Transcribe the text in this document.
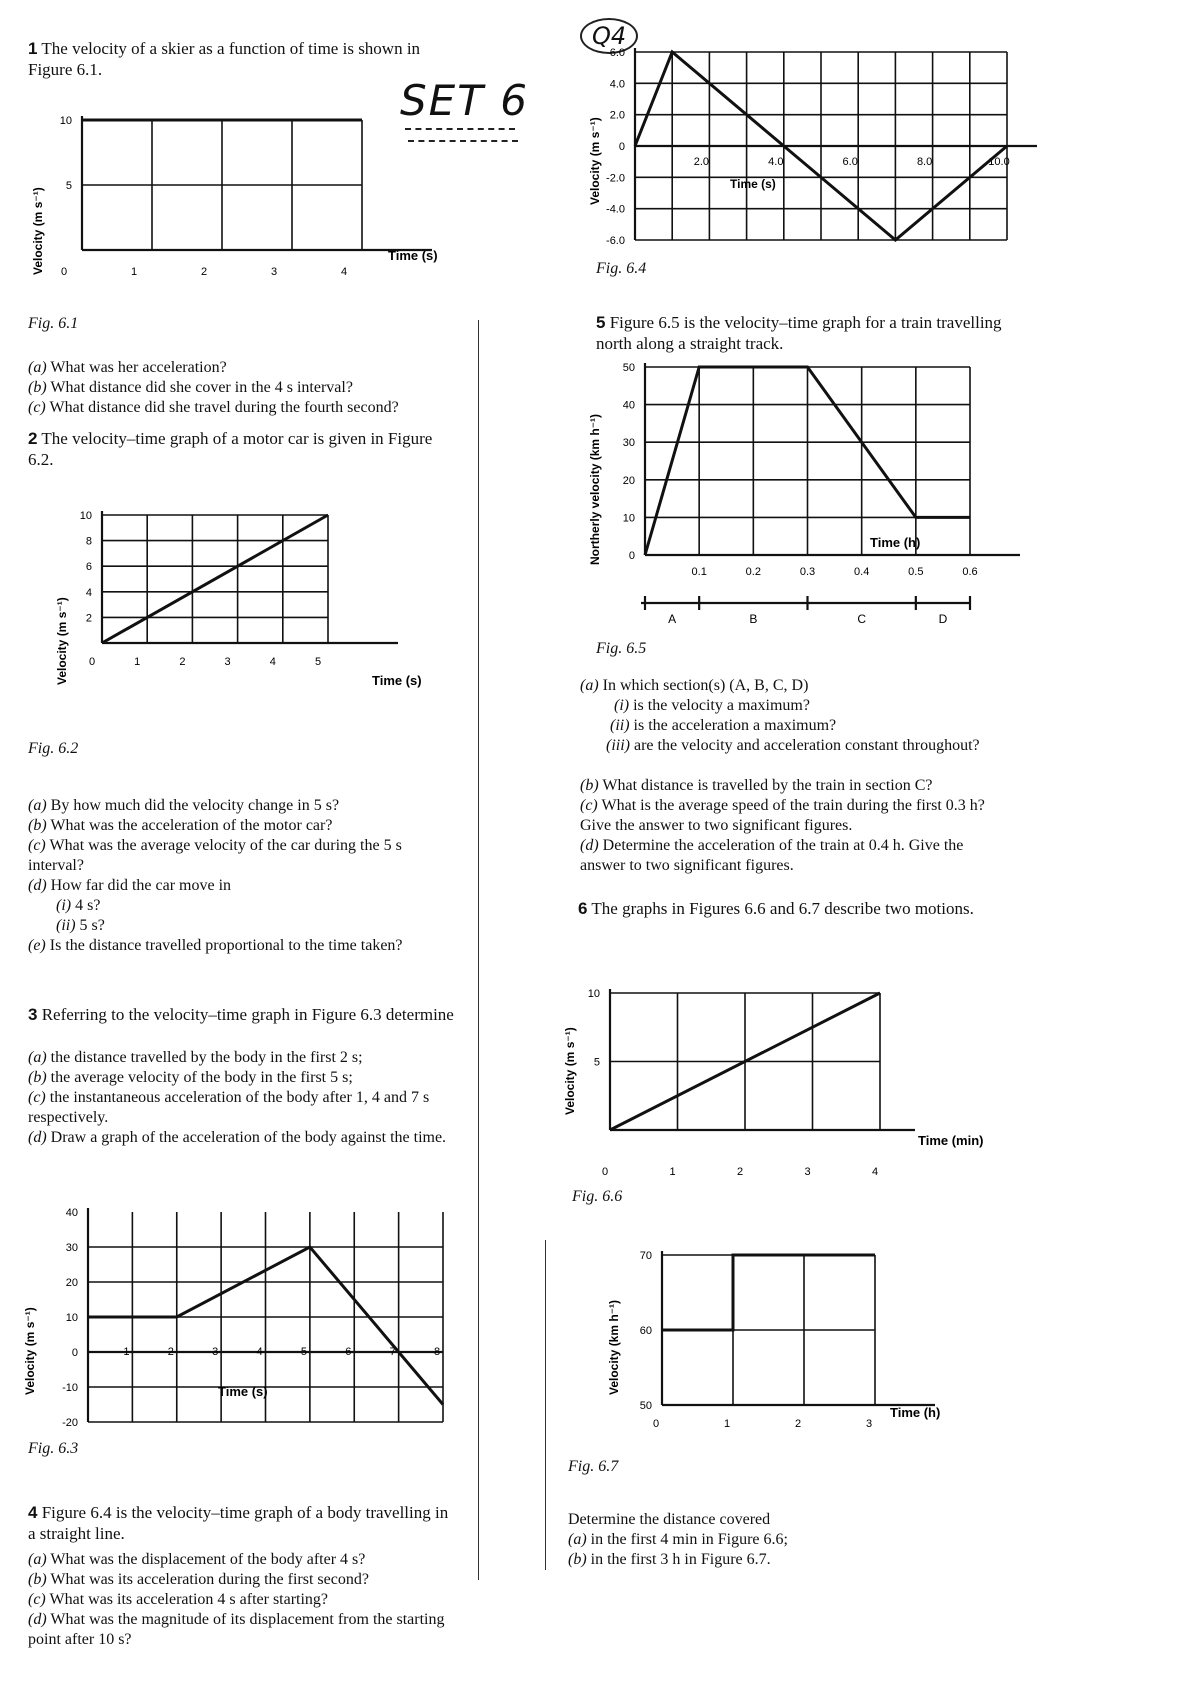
1 The velocity of a skier as a function of time is shown in Figure 6.1.

SET 6
Velocity (m s⁻¹)	Time (s)
0	1	2	3	4
5
10
Fig. 6.1
(a) What was her acceleration?
(b) What distance did she cover in the 4 s interval?
(c) What distance did she travel during the fourth second?

2 The velocity–time graph of a motor car is given in Figure 6.2.

Velocity (m s⁻¹)	Time (s)
0	1	2	3	4	5
2
4
6
8
10
Fig. 6.2
(a) By how much did the velocity change in 5 s?
(b) What was the acceleration of the motor car?
(c) What was the average velocity of the car during the 5 s interval?
(d) How far did the car move in
(i) 4 s?
(ii) 5 s?
(e) Is the distance travelled proportional to the time taken?

3 Referring to the velocity–time graph in Figure 6.3 determine

(a) the distance travelled by the body in the first 2 s;
(b) the average velocity of the body in the first 5 s;
(c) the instantaneous acceleration of the body after 1, 4 and 7 s respectively.
(d) Draw a graph of the acceleration of the body against the time.
Velocity (m s⁻¹)	Time (s)
1	2	3	4	5	6	7	8
40
30
20
10
0
-10
-20
Fig. 6.3

4 Figure 6.4 is the velocity–time graph of a body travelling in a straight line.

(a) What was the displacement of the body after 4 s?
(b) What was its acceleration during the first second?
(c) What was its acceleration 4 s after starting?
(d) What was the magnitude of its displacement from the starting point after 10 s?
Q4
Velocity (m s⁻¹)	Time (s)
2.0	4.0	6.0	8.0	10.0
6.0
4.0
2.0
0
-2.0
-4.0
-6.0
Fig. 6.4

5 Figure 6.5 is the velocity–time graph for a train travelling north along a straight track.

Northerly velocity (km h⁻¹)	Time (h)
0.1	0.2	0.3	0.4	0.5	0.6
50
40
30
20
10
0
A	B	C	D
Fig. 6.5
(a) In which section(s) (A, B, C, D)
(i) is the velocity a maximum?
(ii) is the acceleration a maximum?
(iii) are the velocity and acceleration constant throughout?
(b) What distance is travelled by the train in section C?
(c) What is the average speed of the train during the first 0.3 h? Give the answer to two significant figures.
(d) Determine the acceleration of the train at 0.4 h. Give the answer to two significant figures.

6 The graphs in Figures 6.6 and 6.7 describe two motions.

Velocity (m s⁻¹)
Time (min)
0	1	2	3	4
10
5
Fig. 6.6
Velocity (km h⁻¹)
Time (h)
0	1	2	3
70
60
50
Fig. 6.7
Determine the distance covered
(a) in the first 4 min in Figure 6.6;
(b) in the first 3 h in Figure 6.7.
